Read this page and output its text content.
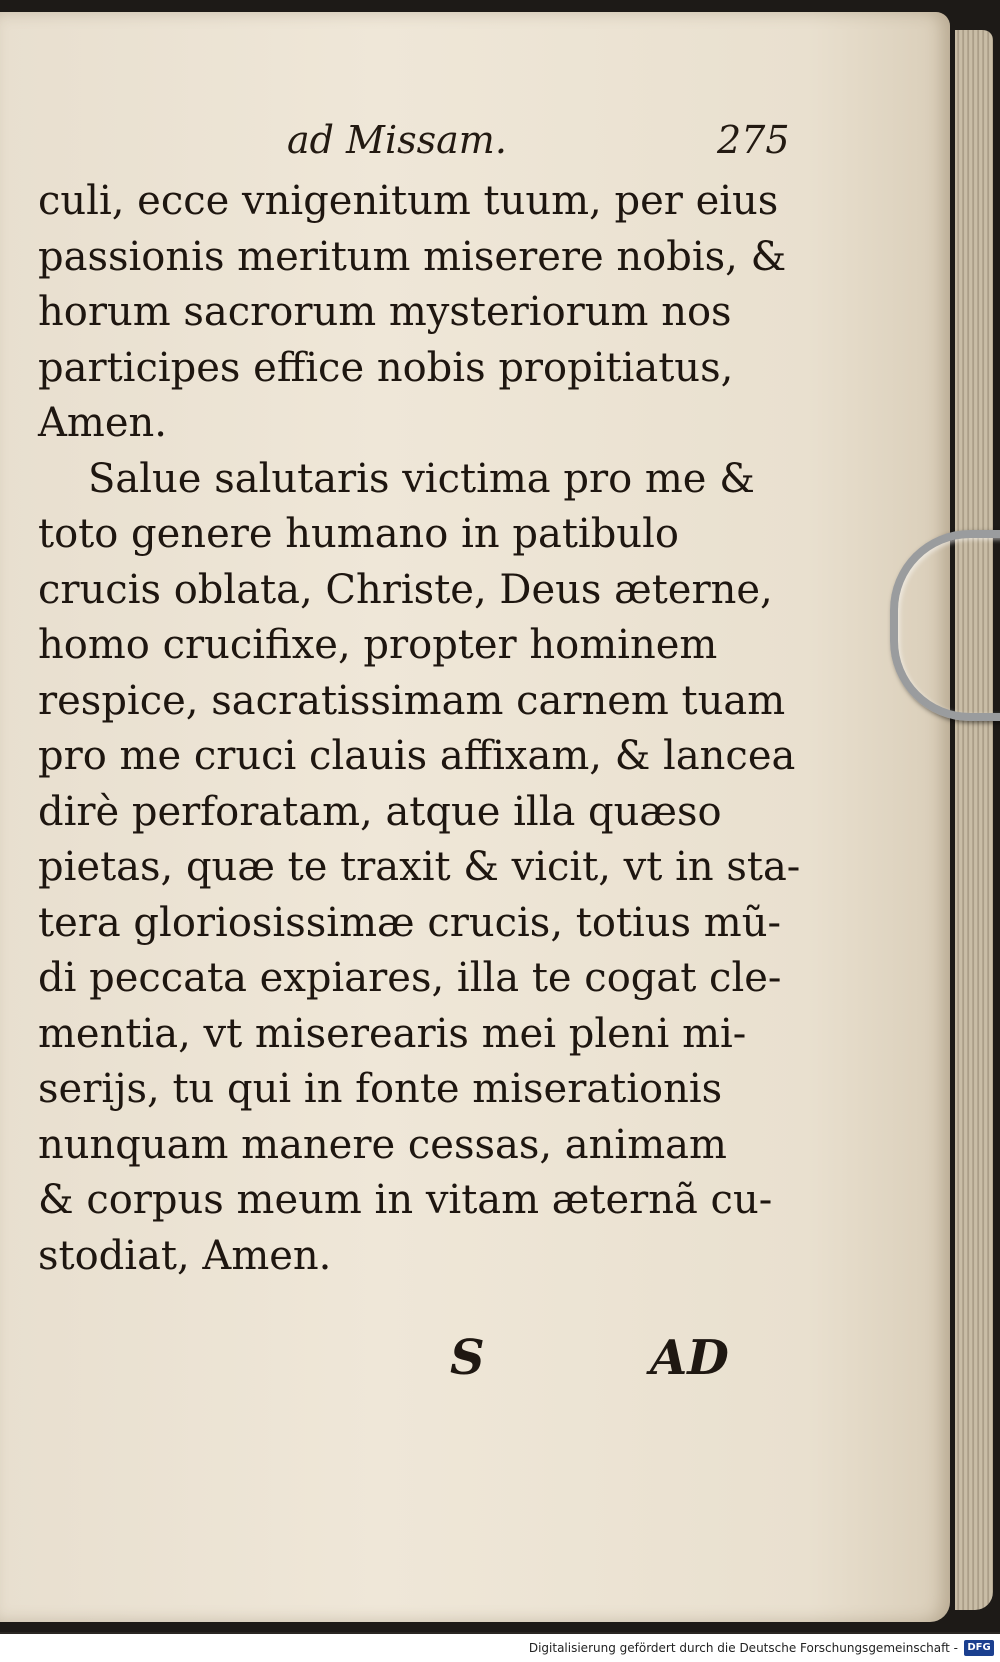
ad Missam.	275
culi, ecce vnigenitum tuum, per eius
passionis meritum miserere nobis, &
horum sacrorum mysteriorum nos
participes effice nobis propitiatus,
Amen.
Salue salutaris victima pro me &
toto genere humano in patibulo
crucis oblata, Christe, Deus æterne,
homo crucifixe, propter hominem
respice, sacratissimam carnem tuam
pro me cruci clauis affixam, & lancea
dirè perforatam, atque illa quæso
pietas, quæ te traxit & vicit, vt in sta-
tera gloriosissimæ crucis, totius mũ-
di peccata expiares, illa te cogat cle-
mentia, vt miserearis mei pleni mi-
serijs, tu qui in fonte miserationis
nunquam manere cessas, animam
& corpus meum in vitam æternã cu-
stodiat, Amen.
S	AD
Digitalisierung gefördert durch die Deutsche Forschungsgemeinschaft - DFG
